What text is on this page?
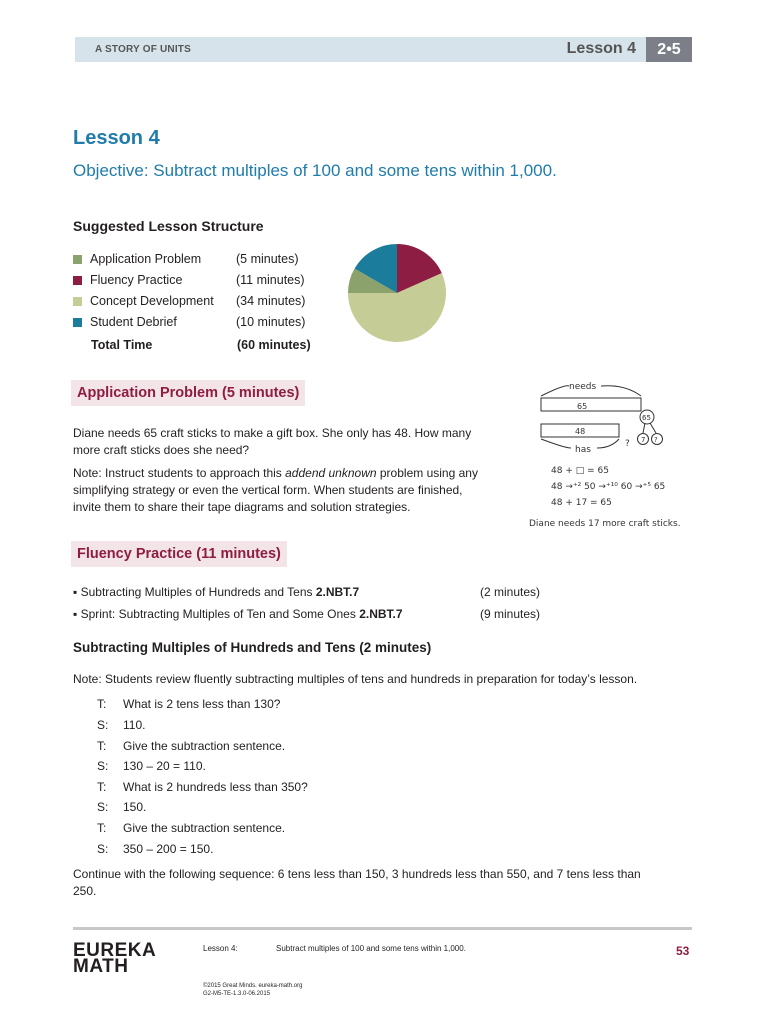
A STORY OF UNITS	Lesson 4	2•5
Lesson 4
Objective: Subtract multiples of 100 and some tens within 1,000.
Suggested Lesson Structure
Application Problem	(5 minutes)
Fluency Practice	(11 minutes)
Concept Development (34 minutes)
Student Debrief	(10 minutes)
Total Time	(60 minutes)
Application Problem (5 minutes)
Diane needs 65 craft sticks to make a gift box. She only has 48. How many
more craft sticks does she need?
Note: Instruct students to approach this addend unknown problem using any
simplifying strategy or even the vertical form. When students are finished,
invite them to share their tape diagrams and solution strategies.
needs
65
48
has
?
65
7 ?
48 + □ = 65
48 →⁺² 50 →⁺¹⁰ 60 →⁺⁵ 65
48 + 17 = 65
Diane needs 17 more craft sticks.
Fluency Practice (11 minutes)
▪ Subtracting Multiples of Hundreds and Tens 2.NBT.7	(2 minutes)
▪ Sprint: Subtracting Multiples of Ten and Some Ones 2.NBT.7	(9 minutes)
Subtracting Multiples of Hundreds and Tens (2 minutes)
Note: Students review fluently subtracting multiples of tens and hundreds in preparation for today’s lesson.
T: What is 2 tens less than 130?
S: 110.
T: Give the subtraction sentence.
S: 130 – 20 = 110.
T: What is 2 hundreds less than 350?
S: 150.
T: Give the subtraction sentence.
S: 350 – 200 = 150.
Continue with the following sequence: 6 tens less than 150, 3 hundreds less than 550, and 7 tens less than
250.
EUREKA
MATH
Lesson 4:	Subtract multiples of 100 and some tens within 1,000.	53
©2015 Great Minds. eureka-math.org
G2-M5-TE-1.3.0-06.2015
